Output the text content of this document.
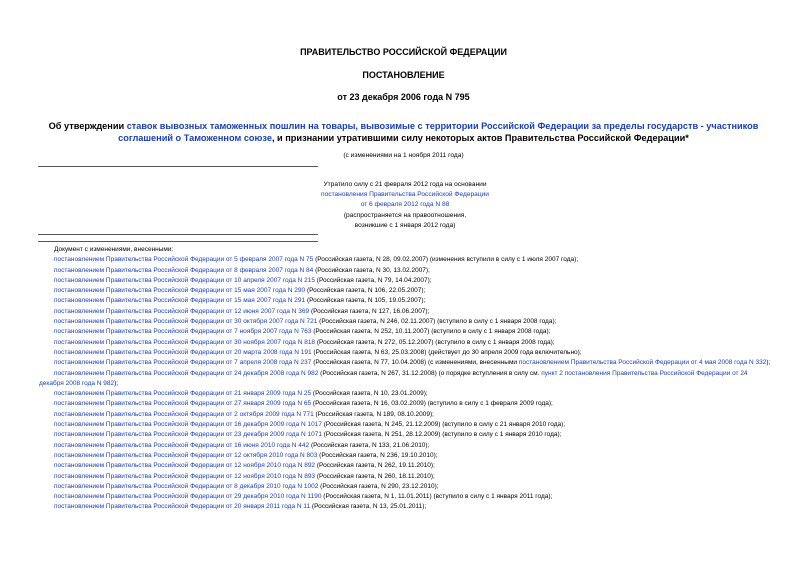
ПРАВИТЕЛЬСТВО РОССИЙСКОЙ ФЕДЕРАЦИИ
ПОСТАНОВЛЕНИЕ
от 23 декабря 2006 года N 795
Об утверждении ставок вывозных таможенных пошлин на товары, вывозимые с территории Российской Федерации за пределы государств - участников соглашений о Таможенном союзе, и признании утратившими силу некоторых актов Правительства Российской Федерации*
(с изменениями на 1 ноября 2011 года)
Утратило силу с 21 февраля 2012 года на основании
постановления Правительства Российской Федерации
от 6 февраля 2012 года N 88
(распространяется на правоотношения,
возникшие с 1 января 2012 года)
Документ с изменениями, внесенными:
постановлением Правительства Российской Федерации от 5 февраля 2007 года N 75 (Российская газета, N 28, 09.02.2007) (изменения вступили в силу с 1 июля 2007 года);
постановлением Правительства Российской Федерации от 8 февраля 2007 года N 84 (Российская газета, N 30, 13.02.2007);
постановлением Правительства Российской Федерации от 10 апреля 2007 года N 215 (Российская газета, N 79, 14.04.2007);
постановлением Правительства Российской Федерации от 15 мая 2007 года N 290 (Российская газета, N 106, 22.05.2007);
постановлением Правительства Российской Федерации от 15 мая 2007 года N 291 (Российская газета, N 105, 19.05.2007);
постановлением Правительства Российской Федерации от 12 июня 2007 года N 369 (Российская газета, N 127, 16.06.2007);
постановлением Правительства Российской Федерации от 30 октября 2007 года N 721 (Российская газета, N 246, 02.11.2007) (вступило в силу с 1 января 2008 года);
постановлением Правительства Российской Федерации от 7 ноября 2007 года N 763 (Российская газета, N 252, 10.11.2007) (вступило в силу с 1 января 2008 года);
постановлением Правительства Российской Федерации от 30 ноября 2007 года N 818 (Российская газета, N 272, 05.12.2007) (вступило в силу с 1 января 2008 года);
постановлением Правительства Российской Федерации от 20 марта 2008 года N 191 (Российская газета, N 63, 25.03.2008) (действует до 30 апреля 2009 года включительно);
постановлением Правительства Российской Федерации от 7 апреля 2008 года N 237 (Российская газета, N 77, 10.04.2008) (с изменениями, внесенными постановлением Правительства Российской Федерации от 4 мая 2008 года N 332);
постановлением Правительства Российской Федерации от 24 декабря 2008 года N 982 (Российская газета, N 267, 31.12.2008) (о порядке вступления в силу см. пункт 2 постановления Правительства Российской Федерации от 24 декабря 2008 года N 982);
постановлением Правительства Российской Федерации от 21 января 2009 года N 25 (Российская газета, N 10, 23.01.2009);
постановлением Правительства Российской Федерации от 27 января 2009 года N 65 (Российская газета, N 16, 03.02.2009) (вступило в силу с 1 февраля 2009 года);
постановлением Правительства Российской Федерации от 2 октября 2009 года N 771 (Российская газета, N 189, 08.10.2009);
постановлением Правительства Российской Федерации от 16 декабря 2009 года N 1017 (Российская газета, N 245, 21.12.2009) (вступило в силу с 21 января 2010 года);
постановлением Правительства Российской Федерации от 23 декабря 2009 года N 1071 (Российская газета, N 251, 28.12.2009) (вступило в силу с 1 января 2010 года);
постановлением Правительства Российской Федерации от 16 июня 2010 года N 442 (Российская газета, N 133, 21.06.2010);
постановлением Правительства Российской Федерации от 12 октября 2010 года N 803 (Российская газета, N 236, 19.10.2010);
постановлением Правительства Российской Федерации от 12 ноября 2010 года N 892 (Российская газета, N 262, 19.11.2010);
постановлением Правительства Российской Федерации от 12 ноября 2010 года N 893 (Российская газета, N 260, 18.11.2010);
постановлением Правительства Российской Федерации от 8 декабря 2010 года N 1002 (Российская газета, N 290, 23.12.2010);
постановлением Правительства Российской Федерации от 29 декабря 2010 года N 1190 (Российская газета, N 1, 11.01.2011) (вступило в силу с 1 января 2011 года);
постановлением Правительства Российской Федерации от 20 января 2011 года N 11 (Российская газета, N 13, 25.01.2011);
